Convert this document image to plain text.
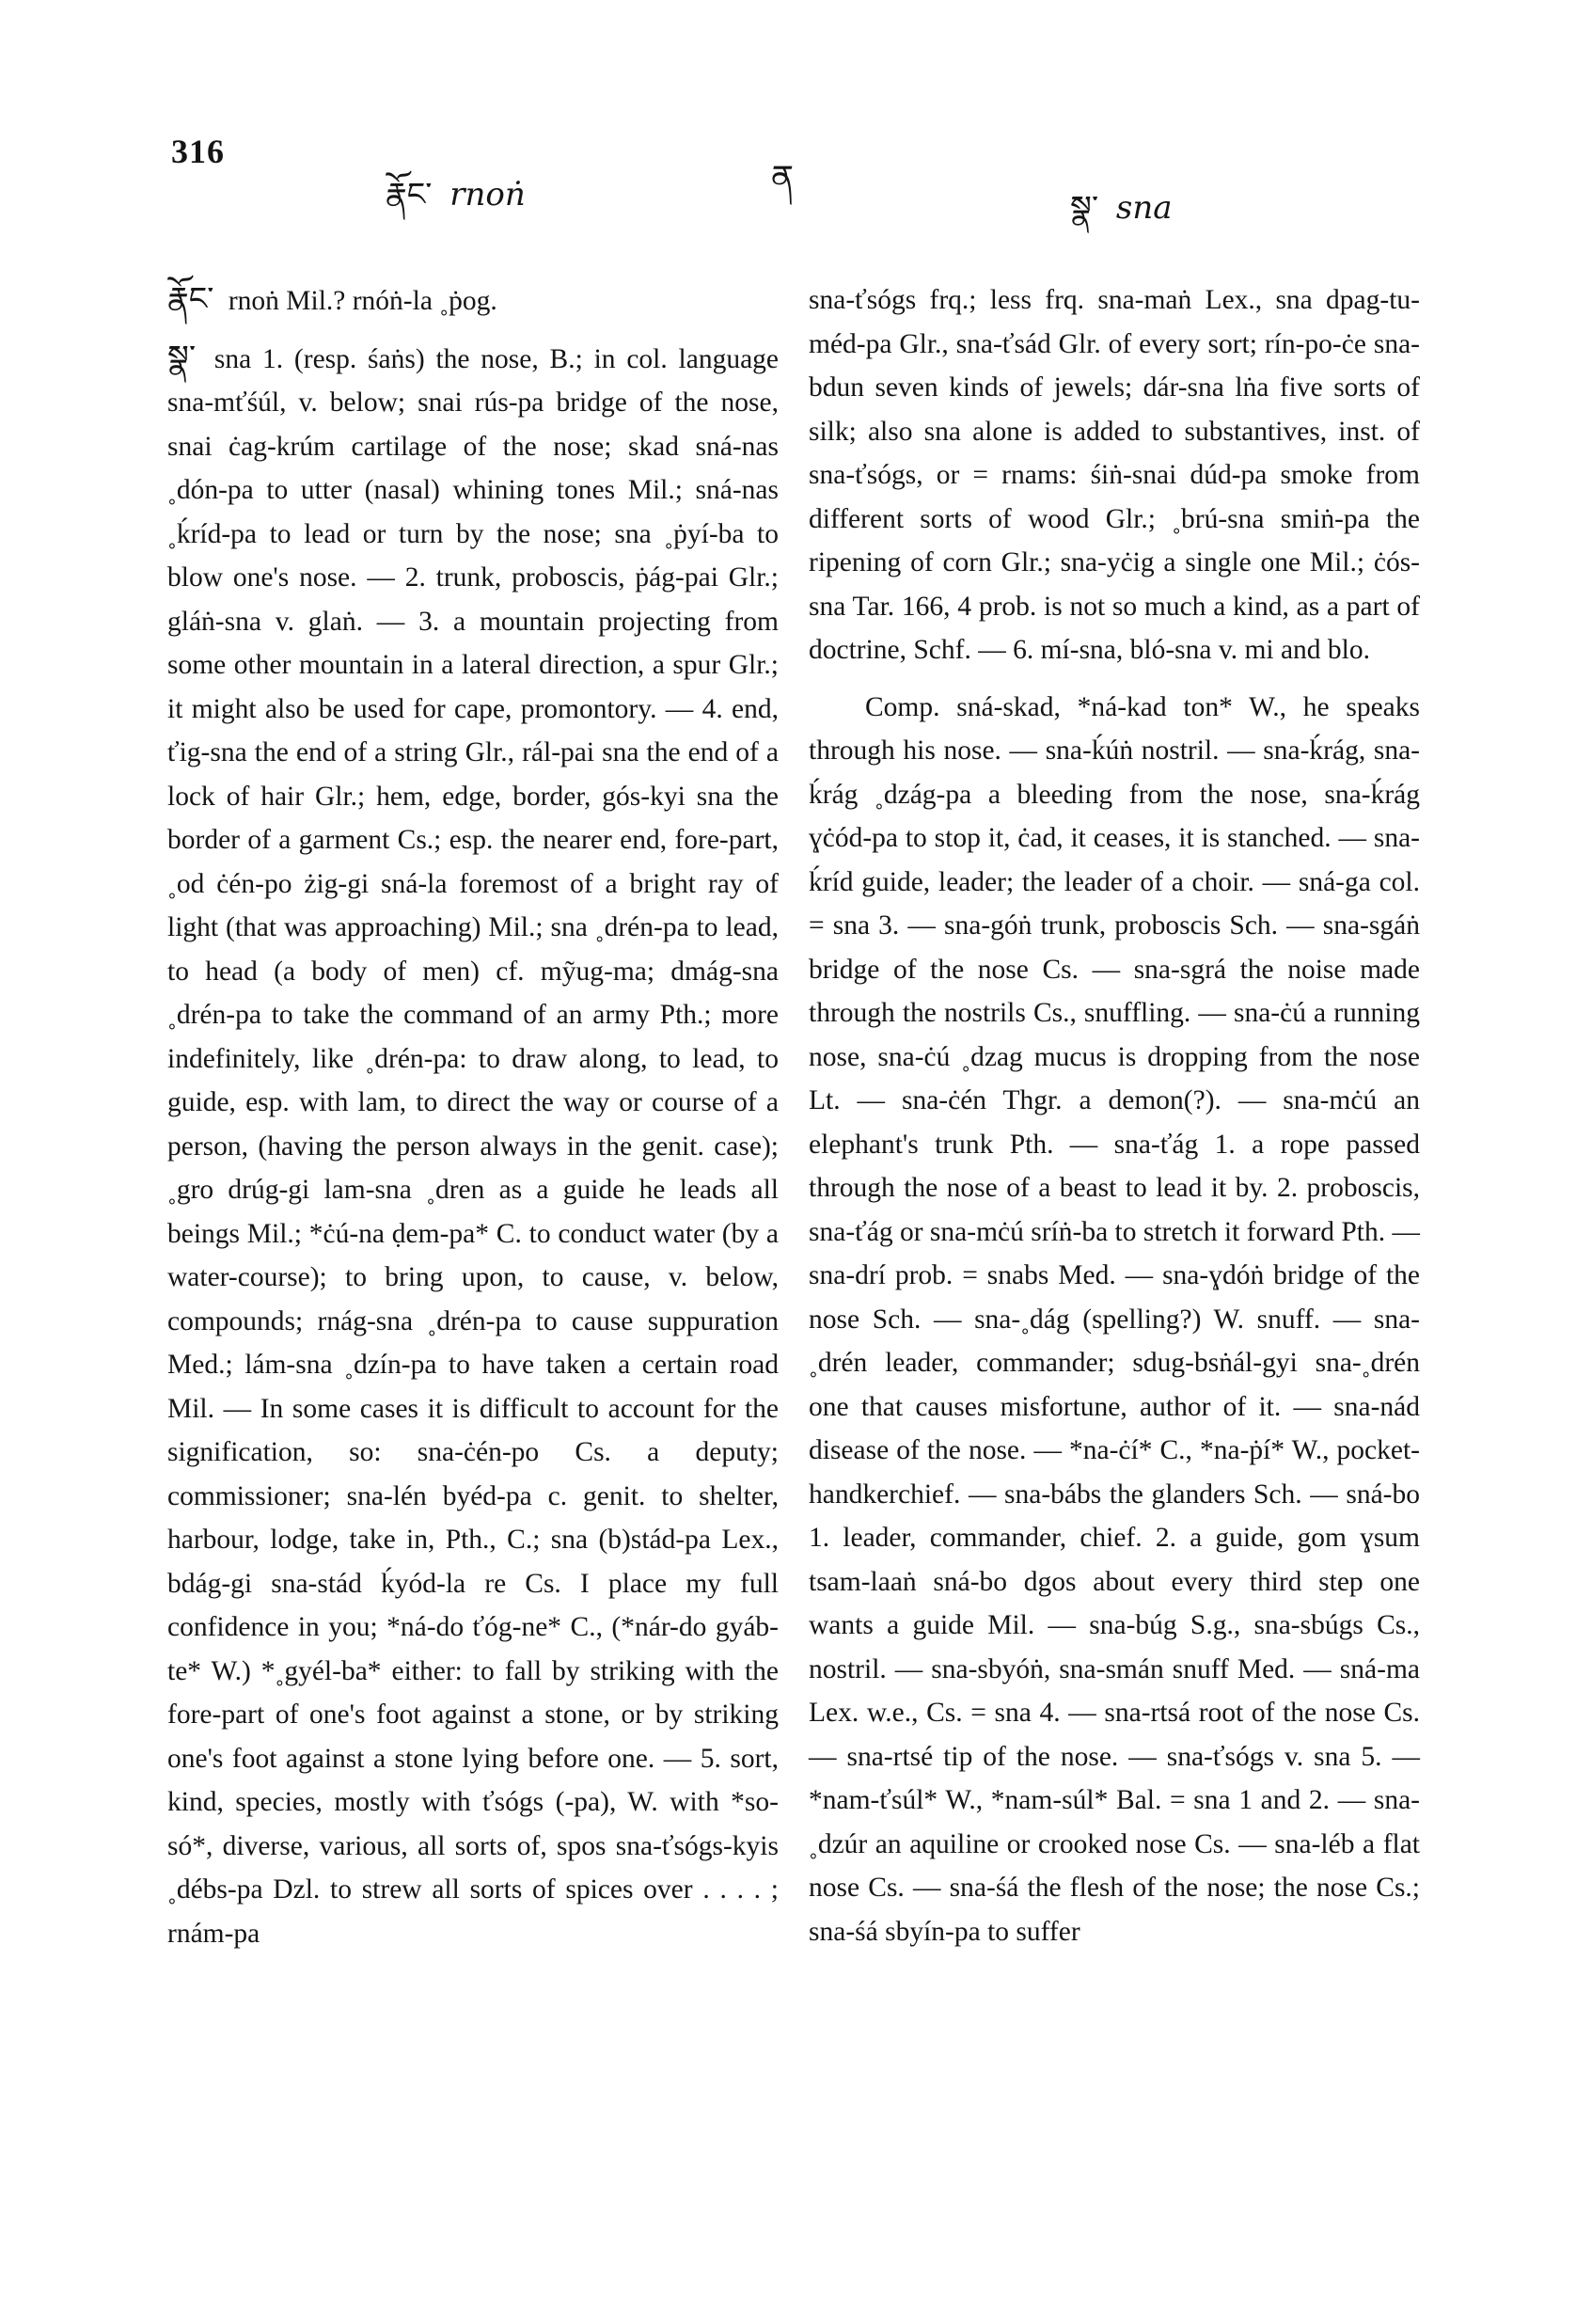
316
རྣོང་ rnoṅ	ན
སྣ་ sna

རྣོང་ rnoṅ Mil.? rnóṅ-la ˳ṗog.

སྣ་ sna 1. (resp. śaṅs) the nose, B.; in col. language sna-mťśúl, v. below; snai rús-pa bridge of the nose, snai ċag-krúm cartilage of the nose; skad sná-nas ˳dón-pa to utter (nasal) whining tones Mil.; sná-nas ˳ḱríd-pa to lead or turn by the nose; sna ˳ṗyí-ba to blow one's nose. — 2. trunk, proboscis, ṗág-pai Glr.; gláṅ-sna v. glaṅ. — 3. a mountain projecting from some other mountain in a lateral direction, a spur Glr.; it might also be used for cape, promontory. — 4. end, ťig-sna the end of a string Glr., rál-pai sna the end of a lock of hair Glr.; hem, edge, border, gós-kyi sna the border of a garment Cs.; esp. the nearer end, fore-part, ˳od ċén-po żig-gi sná-la foremost of a bright ray of light (that was approaching) Mil.; sna ˳drén-pa to lead, to head (a body of men) cf. mỹug-ma; dmág-sna ˳drén-pa to take the command of an army Pth.; more indefinitely, like ˳drén-pa: to draw along, to lead, to guide, esp. with lam, to direct the way or course of a person, (having the person always in the genit. case); ˳gro drúg-gi lam-sna ˳dren as a guide he leads all beings Mil.; *ċú-na ḍem-pa* C. to conduct water (by a water-course); to bring upon, to cause, v. below, compounds; rnág-sna ˳drén-pa to cause suppuration Med.; lám-sna ˳dzín-pa to have taken a certain road Mil. — In some cases it is difficult to account for the signification, so: sna-ċén-po Cs. a deputy; commissioner; sna-lén byéd-pa c. genit. to shelter, harbour, lodge, take in, Pth., C.; sna (b)stád-pa Lex., bdág-gi sna-stád ḱyód-la re Cs. I place my full confidence in you; *ná-do ťóg-ne* C., (*nár-do gyáb-te* W.) *˳gyél-ba* either: to fall by striking with the fore-part of one's foot against a stone, or by striking one's foot against a stone lying before one. — 5. sort, kind, species, mostly with ťsógs (-pa), W. with *so-só*, diverse, various, all sorts of, spos sna-ťsógs-kyis ˳débs-pa Dzl. to strew all sorts of spices over . . . . ; rnám-pa

sna-ťsógs frq.; less frq. sna-maṅ Lex., sna dpag-tu-méd-pa Glr., sna-ťsád Glr. of every sort; rín-po-ċe sna-bdun seven kinds of jewels; dár-sna lṅa five sorts of silk; also sna alone is added to substantives, inst. of sna-ťsógs, or = rnams: śiṅ-snai dúd-pa smoke from different sorts of wood Glr.; ˳brú-sna smiṅ-pa the ripening of corn Glr.; sna-yċig a single one Mil.; ċós-sna Tar. 166, 4 prob. is not so much a kind, as a part of doctrine, Schf. — 6. mí-sna, bló-sna v. mi and blo.

Comp. sná-skad, *ná-kad ton* W., he speaks through his nose. — sna-ḱúṅ nostril. — sna-ḱrág, sna-ḱrág ˳dzág-pa a bleeding from the nose, sna-ḱrág ɣċód-pa to stop it, ċad, it ceases, it is stanched. — sna-ḱríd guide, leader; the leader of a choir. — sná-ga col. = sna 3. — sna-góṅ trunk, proboscis Sch. — sna-sgáṅ bridge of the nose Cs. — sna-sgrá the noise made through the nostrils Cs., snuffling. — sna-ċú a running nose, sna-ċú ˳dzag mucus is dropping from the nose Lt. — sna-ċén Thgr. a demon(?). — sna-mċú an elephant's trunk Pth. — sna-ťág 1. a rope passed through the nose of a beast to lead it by. 2. proboscis, sna-ťág or sna-mċú sríṅ-ba to stretch it forward Pth. — sna-drí prob. = snabs Med. — sna-ɣdóṅ bridge of the nose Sch. — sna-˳dág (spelling?) W. snuff. — sna-˳drén leader, commander; sdug-bsṅál-gyi sna-˳drén one that causes misfortune, author of it. — sna-nád disease of the nose. — *na-ċí* C., *na-ṗí* W., pocket-handkerchief. — sna-bábs the glanders Sch. — sná-bo 1. leader, commander, chief. 2. a guide, gom ɣsum tsam-laaṅ sná-bo dgos about every third step one wants a guide Mil. — sna-búg S.g., sna-sbúgs Cs., nostril. — sna-sbyóṅ, sna-smán snuff Med. — sná-ma Lex. w.e., Cs. = sna 4. — sna-rtsá root of the nose Cs. — sna-rtsé tip of the nose. — sna-ťsógs v. sna 5. — *nam-ťsúl* W., *nam-súl* Bal. = sna 1 and 2. — sna-˳dzúr an aquiline or crooked nose Cs. — sna-léb a flat nose Cs. — sna-śá the flesh of the nose; the nose Cs.; sna-śá sbyín-pa to suffer
